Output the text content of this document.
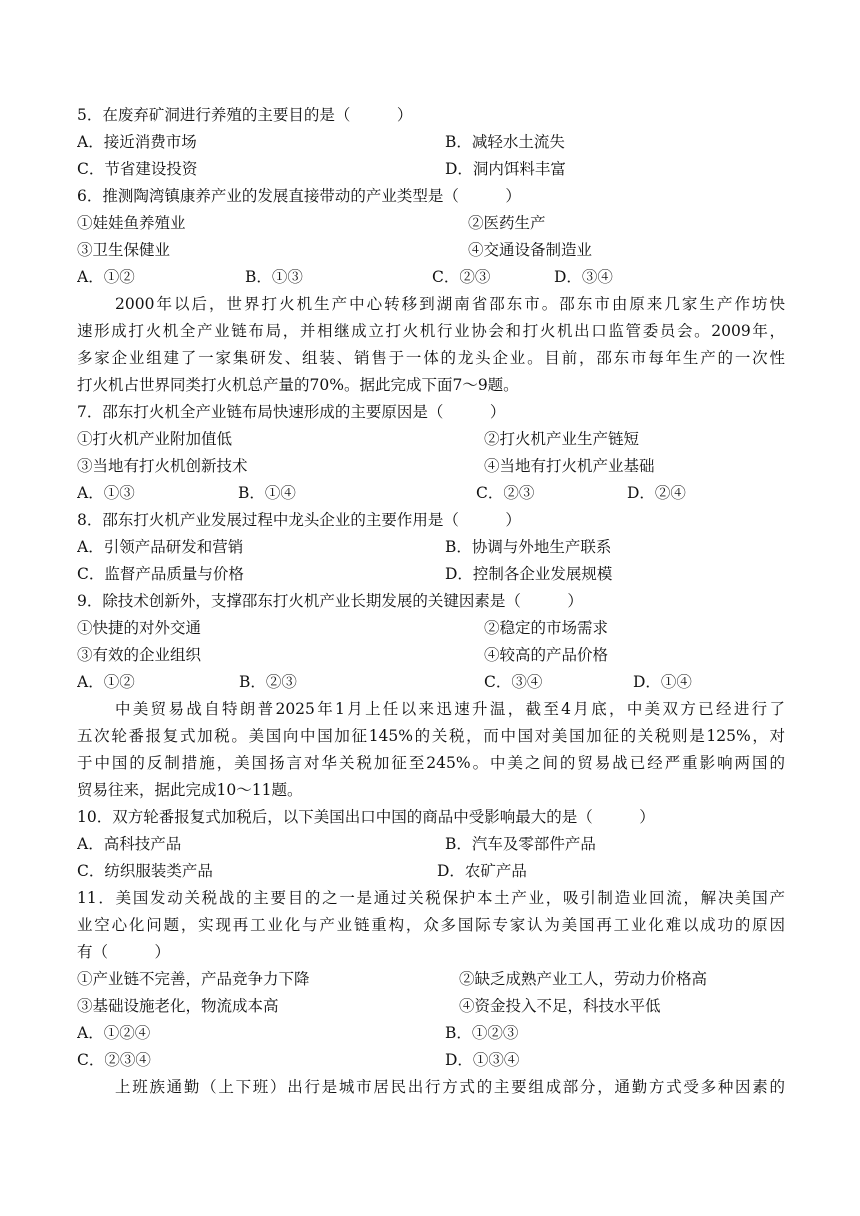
5．在废弃矿洞进行养殖的主要目的是（　　　）
A．接近消费市场	B．减轻水土流失
C．节省建设投资	D．洞内饵料丰富
6．推测陶湾镇康养产业的发展直接带动的产业类型是（　　　）
①娃娃鱼养殖业	②医药生产
③卫生保健业	④交通设备制造业
A．①②	B．①③	C．②③	D．③④
2000年以后，世界打火机生产中心转移到湖南省邵东市。邵东市由原来几家生产作坊快
速形成打火机全产业链布局，并相继成立打火机行业协会和打火机出口监管委员会。2009年，
多家企业组建了一家集研发、组装、销售于一体的龙头企业。目前，邵东市每年生产的一次性
打火机占世界同类打火机总产量的70%。据此完成下面7～9题。
7．邵东打火机全产业链布局快速形成的主要原因是（　　　）
①打火机产业附加值低	②打火机产业生产链短
③当地有打火机创新技术	④当地有打火机产业基础
A．①③	B．①④	C．②③	D．②④
8．邵东打火机产业发展过程中龙头企业的主要作用是（　　　）
A．引领产品研发和营销	B．协调与外地生产联系
C．监督产品质量与价格	D．控制各企业发展规模
9．除技术创新外，支撑邵东打火机产业长期发展的关键因素是（　　　）
①快捷的对外交通	②稳定的市场需求
③有效的企业组织	④较高的产品价格
A．①②	B．②③	C．③④	D．①④
中美贸易战自特朗普2025年1月上任以来迅速升温，截至4月底，中美双方已经进行了
五次轮番报复式加税。美国向中国加征145%的关税，而中国对美国加征的关税则是125%，对
于中国的反制措施，美国扬言对华关税加征至245%。中美之间的贸易战已经严重影响两国的
贸易往来，据此完成10～11题。
10．双方轮番报复式加税后，以下美国出口中国的商品中受影响最大的是（　　　）
A．高科技产品	B．汽车及零部件产品
C．纺织服装类产品	D．农矿产品
11．美国发动关税战的主要目的之一是通过关税保护本土产业，吸引制造业回流，解决美国产
业空心化问题，实现再工业化与产业链重构，众多国际专家认为美国再工业化难以成功的原因
有（　　　）
①产业链不完善，产品竞争力下降	②缺乏成熟产业工人，劳动力价格高
③基础设施老化，物流成本高	④资金投入不足，科技水平低
A．①②④	B．①②③
C．②③④	D．①③④
上班族通勤（上下班）出行是城市居民出行方式的主要组成部分，通勤方式受多种因素的
